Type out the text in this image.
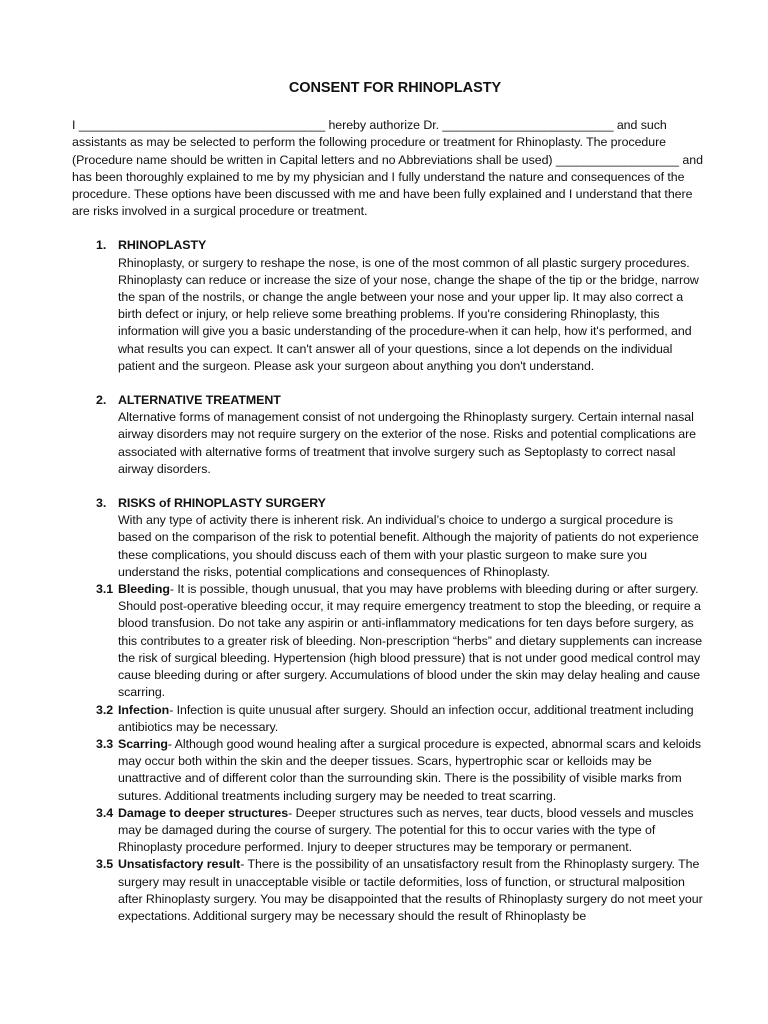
CONSENT FOR RHINOPLASTY

I ____________________________________ hereby authorize Dr. _________________________ and such assistants as may be selected to perform the following procedure or treatment for Rhinoplasty. The procedure (Procedure name should be written in Capital letters and no Abbreviations shall be used) __________________ and has been thoroughly explained to me by my physician and I fully understand the nature and consequences of the procedure. These options have been discussed with me and have been fully explained and I understand that there are risks involved in a surgical procedure or treatment.

1. RHINOPLASTY
Rhinoplasty, or surgery to reshape the nose, is one of the most common of all plastic surgery procedures. Rhinoplasty can reduce or increase the size of your nose, change the shape of the tip or the bridge, narrow the span of the nostrils, or change the angle between your nose and your upper lip. It may also correct a birth defect or injury, or help relieve some breathing problems. If you're considering Rhinoplasty, this information will give you a basic understanding of the procedure-when it can help, how it's performed, and what results you can expect. It can't answer all of your questions, since a lot depends on the individual patient and the surgeon. Please ask your surgeon about anything you don't understand.
2. ALTERNATIVE TREATMENT
Alternative forms of management consist of not undergoing the Rhinoplasty surgery. Certain internal nasal airway disorders may not require surgery on the exterior of the nose. Risks and potential complications are associated with alternative forms of treatment that involve surgery such as Septoplasty to correct nasal airway disorders.
3. RISKS of RHINOPLASTY SURGERY
With any type of activity there is inherent risk. An individual’s choice to undergo a surgical procedure is based on the comparison of the risk to potential benefit. Although the majority of patients do not experience these complications, you should discuss each of them with your plastic surgeon to make sure you understand the risks, potential complications and consequences of Rhinoplasty.
3.1 Bleeding- It is possible, though unusual, that you may have problems with bleeding during or after surgery. Should post-operative bleeding occur, it may require emergency treatment to stop the bleeding, or require a blood transfusion. Do not take any aspirin or anti-inflammatory medications for ten days before surgery, as this contributes to a greater risk of bleeding. Non-prescription “herbs” and dietary supplements can increase the risk of surgical bleeding. Hypertension (high blood pressure) that is not under good medical control may cause bleeding during or after surgery. Accumulations of blood under the skin may delay healing and cause scarring.
3.2 Infection- Infection is quite unusual after surgery. Should an infection occur, additional treatment including antibiotics may be necessary.
3.3 Scarring- Although good wound healing after a surgical procedure is expected, abnormal scars and keloids may occur both within the skin and the deeper tissues. Scars, hypertrophic scar or kelloids may be unattractive and of different color than the surrounding skin. There is the possibility of visible marks from sutures. Additional treatments including surgery may be needed to treat scarring.
3.4 Damage to deeper structures- Deeper structures such as nerves, tear ducts, blood vessels and muscles may be damaged during the course of surgery. The potential for this to occur varies with the type of Rhinoplasty procedure performed. Injury to deeper structures may be temporary or permanent.
3.5 Unsatisfactory result- There is the possibility of an unsatisfactory result from the Rhinoplasty surgery. The surgery may result in unacceptable visible or tactile deformities, loss of function, or structural malposition after Rhinoplasty surgery. You may be disappointed that the results of Rhinoplasty surgery do not meet your expectations. Additional surgery may be necessary should the result of Rhinoplasty be
